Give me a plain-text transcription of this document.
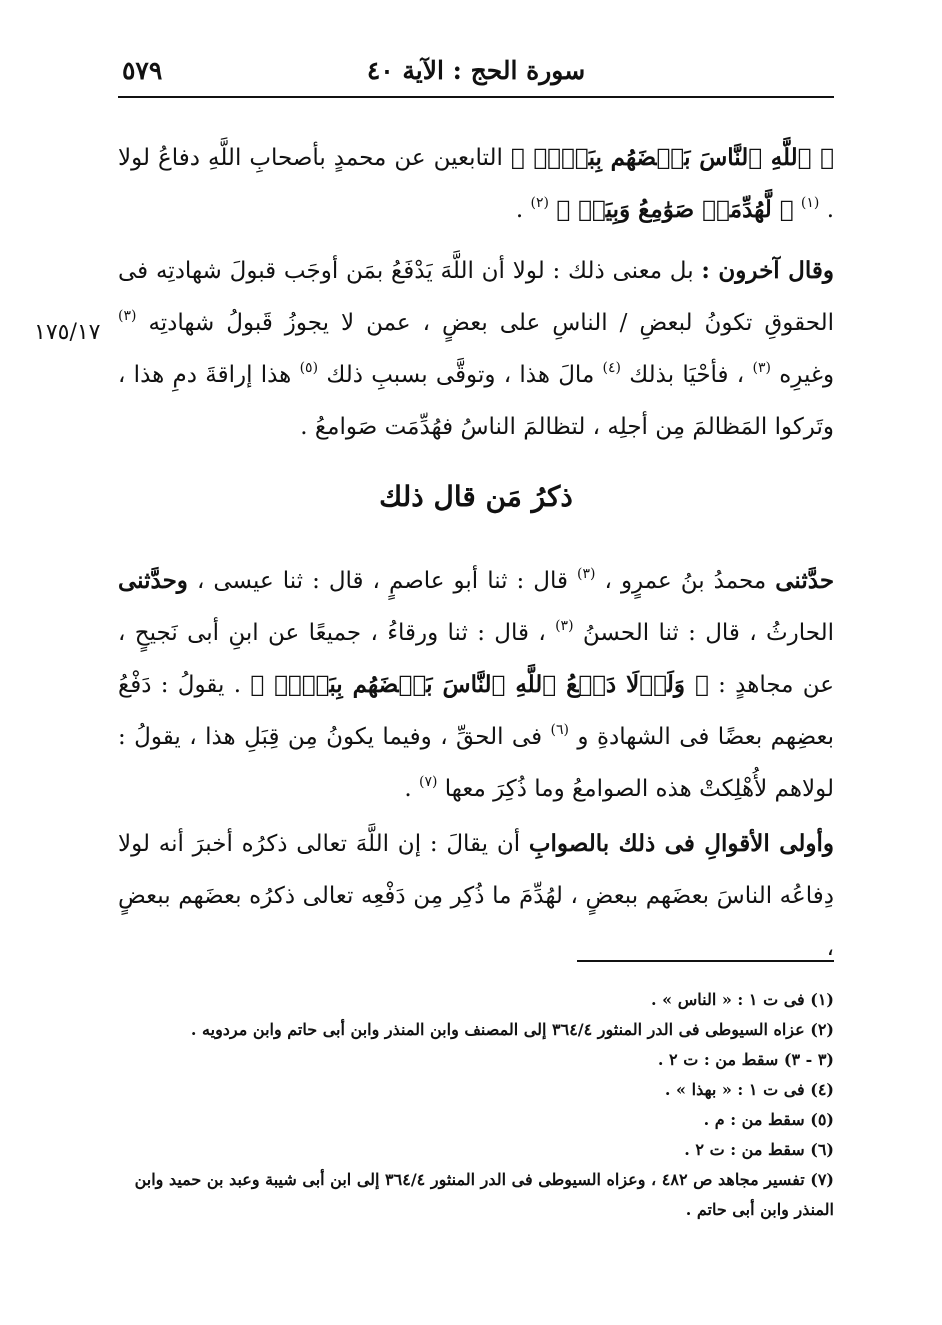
٥٧٩	سورة الحج : الآية ٤٠
١٧٥/١٧

﴿ ٱللَّهِ ٱلنَّاسَ بَعۡضَهُم بِبَعۡضٖ ﴾ التابعين عن محمدٍ بأصحابِ اللَّهِ دفاعُ لولا . $^{(١)}$ ﴿ لَّهُدِّمَتۡ صَوَٰمِعُ وَبِيَعٞ ﴾ $^{(٢)}$ .

وقال آخرون : بل معنى ذلك : لولا أن اللَّهَ يَدْفَعُ بمَن أوجَب قبولَ شهادتِه فى الحقوقِ تكونُ لبعضِ / الناسِ على بعضٍ ، عمن لا يجوزُ قَبولُ شهادتِه $^{(٣)}$ وغيرِه $^{(٣)}$ ، فأحْيَا بذلك $^{(٤)}$ مالَ هذا ، وتوقَّى بسببِ ذلك $^{(٥)}$ هذا إراقةَ دمِ هذا ، وتَركوا المَظالمَ مِن أجلِه ، لتظالمَ الناسُ فهُدِّمَت صَوامعُ .

ذكرُ مَن قال ذلك

حدَّثنى محمدُ بنُ عمرٍو ، $^{(٣)}$ قال : ثنا أبو عاصمٍ ، قال : ثنا عيسى ، وحدَّثنى الحارثُ ، قال : ثنا الحسنُ $^{(٣)}$ ، قال : ثنا ورقاءُ ، جميعًا عن ابنِ أبى نَجيحٍ ، عن مجاهدٍ : ﴿ وَلَوۡلَا دَفۡعُ ٱللَّهِ ٱلنَّاسَ بَعۡضَهُم بِبَعۡضٖ ﴾ . يقولُ : دَفْعُ بعضِهم بعضًا فى الشهادةِ و $^{(٦)}$ فى الحقِّ ، وفيما يكونُ مِن قِبَلِ هذا ، يقولُ : لولاهم لأُهْلِكتْ هذه الصوامعُ وما ذُكِرَ معها $^{(٧)}$ .

وأولى الأقوالِ فى ذلك بالصوابِ أن يقالَ : إن اللَّهَ تعالى ذكرُه أخبرَ أنه لولا دِفاعُه الناسَ بعضَهم ببعضٍ ، لهُدِّمَ ما ذُكِر مِن دَفْعِه تعالى ذكرُه بعضَهم ببعضٍ ،

(١) فى ت ١ : « الناس » .

(٢) عزاه السيوطى فى الدر المنثور ٣٦٤/٤ إلى المصنف وابن المنذر وابن أبى حاتم وابن مردويه .

(٣ - ٣) سقط من : ت ٢ .

(٤) فى ت ١ : « بهذا » .

(٥) سقط من : م .

(٦) سقط من : ت ٢ .

(٧) تفسير مجاهد ص ٤٨٢ ، وعزاه السيوطى فى الدر المنثور ٣٦٤/٤ إلى ابن أبى شيبة وعبد بن حميد وابن المنذر وابن أبى حاتم .
